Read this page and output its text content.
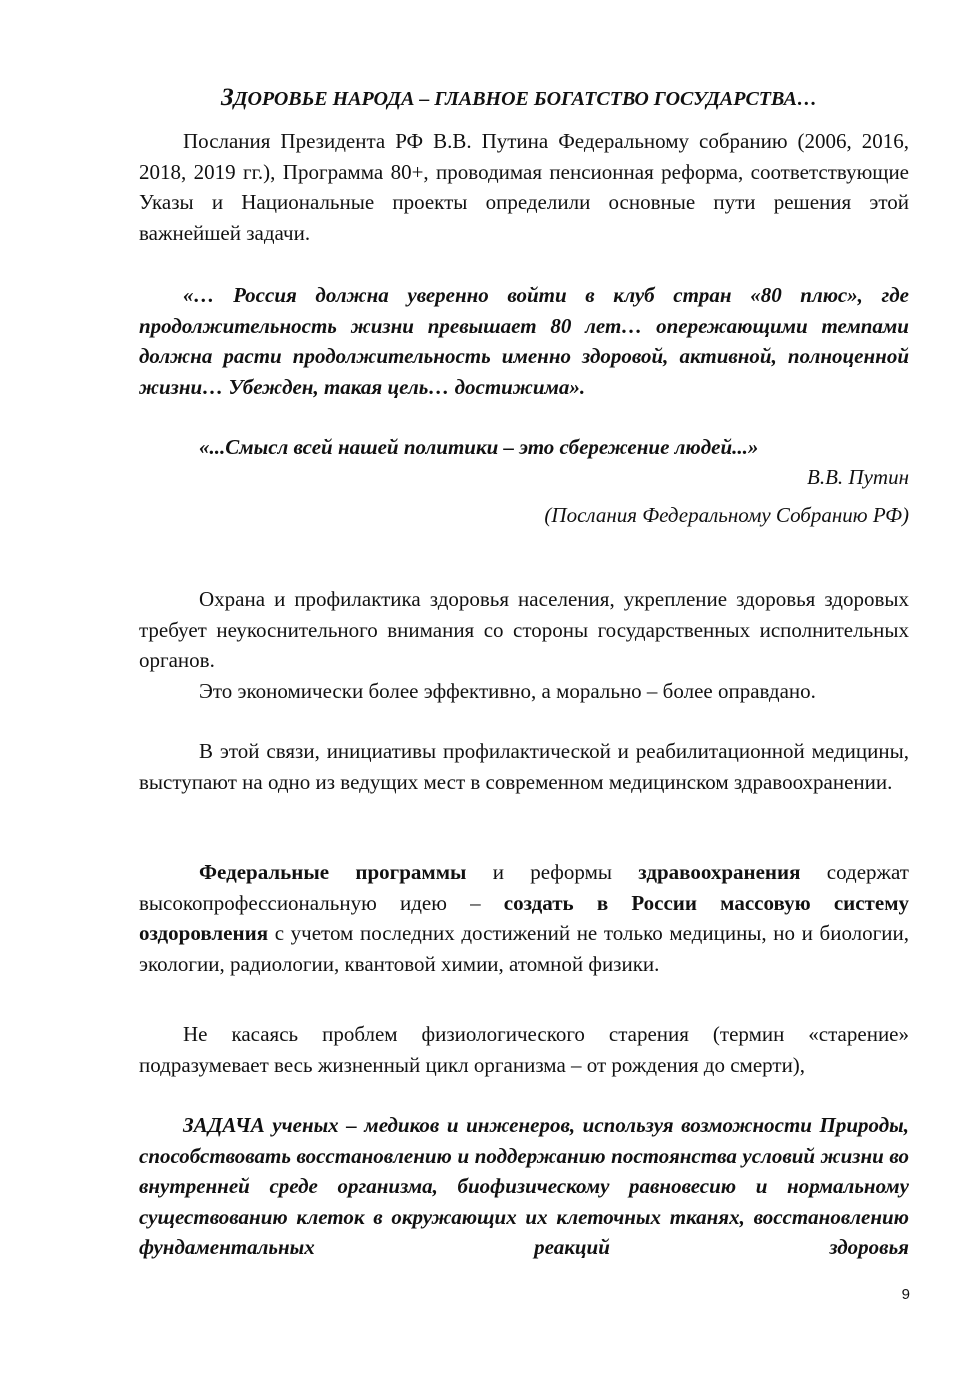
ЗДОРОВЬЕ НАРОДА – ГЛАВНОЕ БОГАТСТВО ГОСУДАРСТВА…
Послания Президента РФ В.В. Путина Федеральному собранию (2006, 2016, 2018, 2019 гг.), Программа 80+, проводимая пенсионная реформа, соответствующие Указы и Национальные проекты определили основные пути решения этой важнейшей задачи.
«… Россия должна уверенно войти в клуб стран «80 плюс», где продолжительность жизни превышает 80 лет… опережающими темпами должна расти продолжительность именно здоровой, активной, полноценной жизни… Убежден, такая цель… достижима».
«...Смысл всей нашей политики – это сбережение людей...»
В.В. Путин
(Послания Федеральному Собранию РФ)
Охрана и профилактика здоровья населения, укрепление здоровья здоровых требует неукоснительного внимания со стороны государственных исполнительных органов.
Это экономически более эффективно, а морально – более оправдано.
В этой связи, инициативы профилактической и реабилитационной медицины, выступают на одно из ведущих мест в современном медицинском здравоохранении.
Федеральные программы и реформы здравоохранения содержат высокопрофессиональную идею – создать в России массовую систему оздоровления с учетом последних достижений не только медицины, но и биологии, экологии, радиологии, квантовой химии, атомной физики.
Не касаясь проблем физиологического старения (термин «старение» подразумевает весь жизненный цикл организма – от рождения до смерти),
ЗАДАЧА ученых – медиков и инженеров, используя возможности Природы, способствовать восстановлению и поддержанию постоянства условий жизни во внутренней среде организма, биофизическому равновесию и нормальному существованию клеток в окружающих их клеточных тканях, восстановлению фундаментальных реакций здоровья
9
